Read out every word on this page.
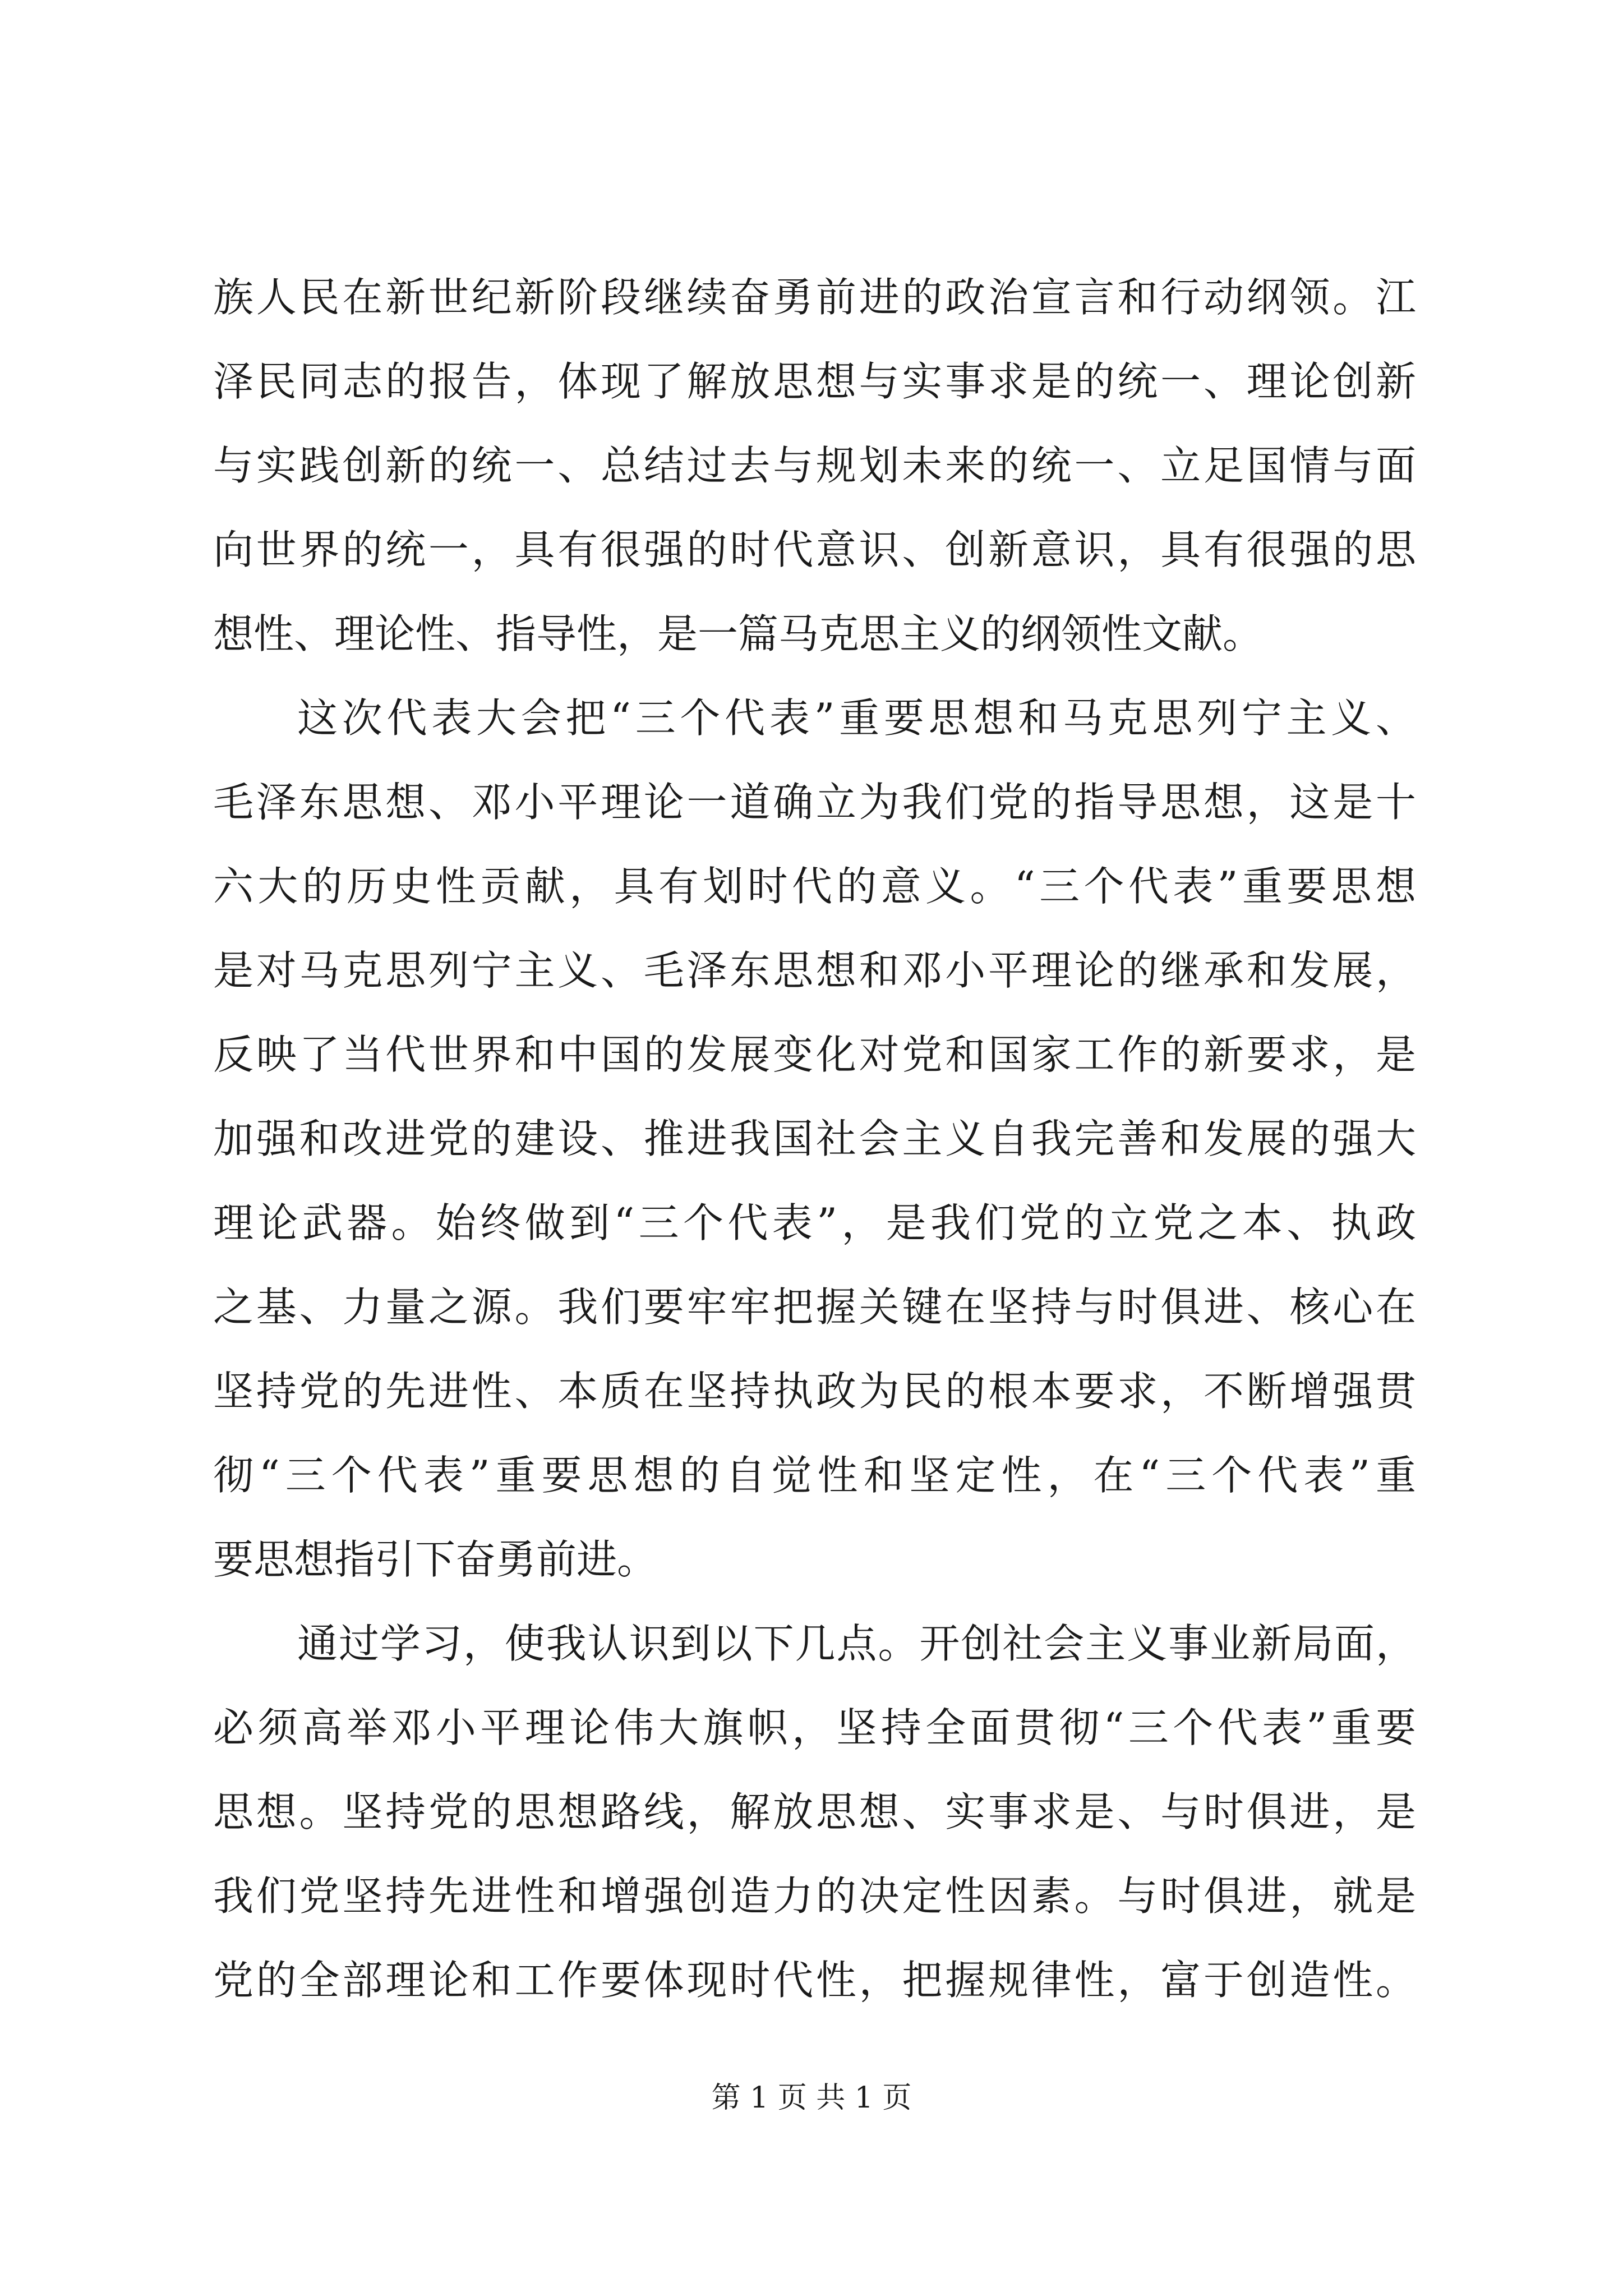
族人民在新世纪新阶段继续奋勇前进的政治宣言和行动纲领。江
泽民同志的报告，体现了解放思想与实事求是的统一、理论创新
与实践创新的统一、总结过去与规划未来的统一、立足国情与面
向世界的统一，具有很强的时代意识、创新意识，具有很强的思
想性、理论性、指导性，是一篇马克思主义的纲领性文献。
这次代表大会把“三个代表”重要思想和马克思列宁主义、
毛泽东思想、邓小平理论一道确立为我们党的指导思想，这是十
六大的历史性贡献，具有划时代的意义。“三个代表”重要思想
是对马克思列宁主义、毛泽东思想和邓小平理论的继承和发展，
反映了当代世界和中国的发展变化对党和国家工作的新要求，是
加强和改进党的建设、推进我国社会主义自我完善和发展的强大
理论武器。始终做到“三个代表”，是我们党的立党之本、执政
之基、力量之源。我们要牢牢把握关键在坚持与时俱进、核心在
坚持党的先进性、本质在坚持执政为民的根本要求，不断增强贯
彻“三个代表”重要思想的自觉性和坚定性，在“三个代表”重
要思想指引下奋勇前进。
通过学习，使我认识到以下几点。开创社会主义事业新局面，
必须高举邓小平理论伟大旗帜，坚持全面贯彻“三个代表”重要
思想。坚持党的思想路线，解放思想、实事求是、与时俱进，是
我们党坚持先进性和增强创造力的决定性因素。与时俱进，就是
党的全部理论和工作要体现时代性，把握规律性，富于创造性。
第 1 页 共 1 页
